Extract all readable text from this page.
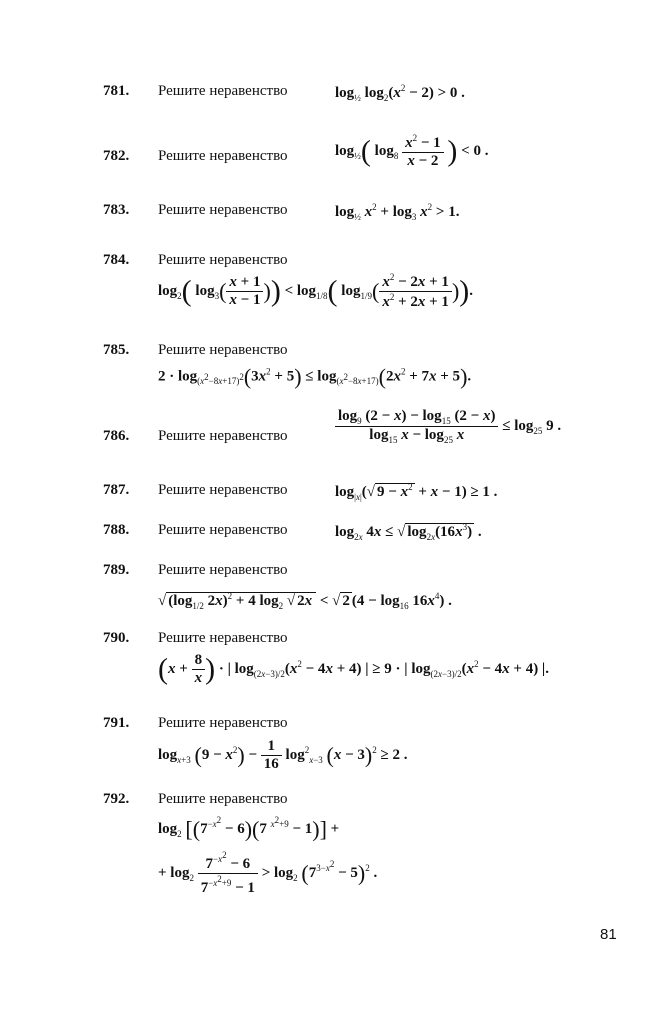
781. Решите неравенство	$\log_{\frac{1}{2}} \log_2(x^2 - 2) > 0$ .
782. Решите неравенство	$\log_{\frac{1}{2}}$( $\log_8 \frac{x^2 - 1}{x - 2}$ ) < 0 .
783. Решите неравенство	$\log_{\frac{1}{2}} x^2 + \log_3 x^2 > 1$.
784. Решите неравенство
$\log_2$( $\log_3( \frac{x + 1}{x - 1}$ )) < $\log_{1/8}$( $\log_{1/9}( \frac{x^2 - 2x + 1}{x^2 + 2x + 1}$ )).
785. Решите неравенство
$2 \cdot \log_{(x^2-8x+17)^2}(3x^2 + 5) \le \log_{(x^2-8x+17)}(2x^2 + 7x + 5)$.
786. Решите неравенство	$\frac{\log_9 (2 - x) - \log_{15} (2 - x)}{\log_{15} x - \log_{25} x} \le \log_{25} 9$ .
787. Решите неравенство	$\log_{|x|}(√$ $9 - x^2 + x - 1) \ge 1$ .
788. Решите неравенство	$\log_{2x} 4x$ ≤ √ $\log_{2x}(16x^3)$ .
789. Решите неравенство
√ ($\log_{1/2}$ 2x)$^2$ + 4 $\log_2$ √ 2x < √ 2 $(4 - \log_{16} 16x^4)$ .
790. Решите неравенство
($x + \frac{8}{x}$ ) · | $\log_{(2x-3)/2}(x^2 - 4x + 4)$ | ≥ 9 · | $\log_{(2x-3)/2}(x^2 - 4x + 4)$ |.
791. Решите неравенство
$\log_{x+3} (9 - x^2) - \frac{1}{16} \log^2_{x-3} (x - 3)^2 \ge 2$ .
792. Решите неравенство
$\log_2 [(7^{-x^2} - 6)(7$ $^{x^2+9}$ − 1)] +
+ $\log_2 \frac{7^{-x^2} - 6}{7^{-x^2+9} - 1} > \log_2 (7^{3-x^2} - 5)^2$ .
81
